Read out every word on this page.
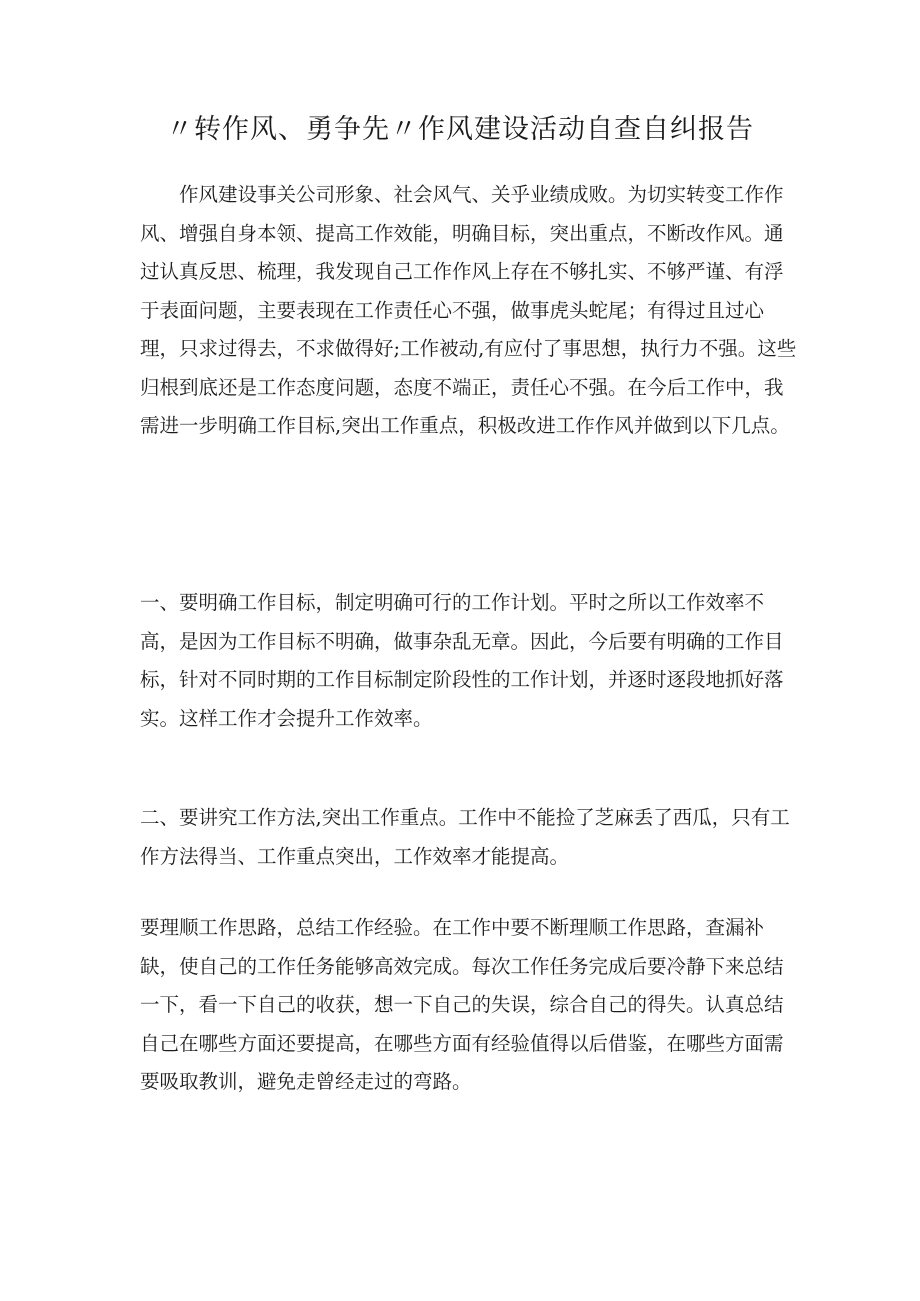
〃转作风、勇争先〃作风建设活动自查自纠报告

作风建设事关公司形象、社会风气、关乎业绩成败。为切实转变工作作风、增强自身本领、提高工作效能，明确目标，突出重点，不断改作风。通过认真反思、梳理，我发现自己工作作风上存在不够扎实、不够严谨、有浮于表面问题，主要表现在工作责任心不强，做事虎头蛇尾；有得过且过心理，只求过得去，不求做得好;工作被动,有应付了事思想，执行力不强。这些归根到底还是工作态度问题，态度不端正，责任心不强。在今后工作中，我需进一步明确工作目标,突出工作重点，积极改进工作作风并做到以下几点。

一、要明确工作目标，制定明确可行的工作计划。平时之所以工作效率不高，是因为工作目标不明确，做事杂乱无章。因此，今后要有明确的工作目标，针对不同时期的工作目标制定阶段性的工作计划，并逐时逐段地抓好落实。这样工作才会提升工作效率。

二、要讲究工作方法,突出工作重点。工作中不能捡了芝麻丢了西瓜，只有工作方法得当、工作重点突出，工作效率才能提高。

要理顺工作思路，总结工作经验。在工作中要不断理顺工作思路，查漏补缺，使自己的工作任务能够高效完成。每次工作任务完成后要冷静下来总结一下，看一下自己的收获，想一下自己的失误，综合自己的得失。认真总结自己在哪些方面还要提高，在哪些方面有经验值得以后借鉴，在哪些方面需要吸取教训，避免走曾经走过的弯路。
